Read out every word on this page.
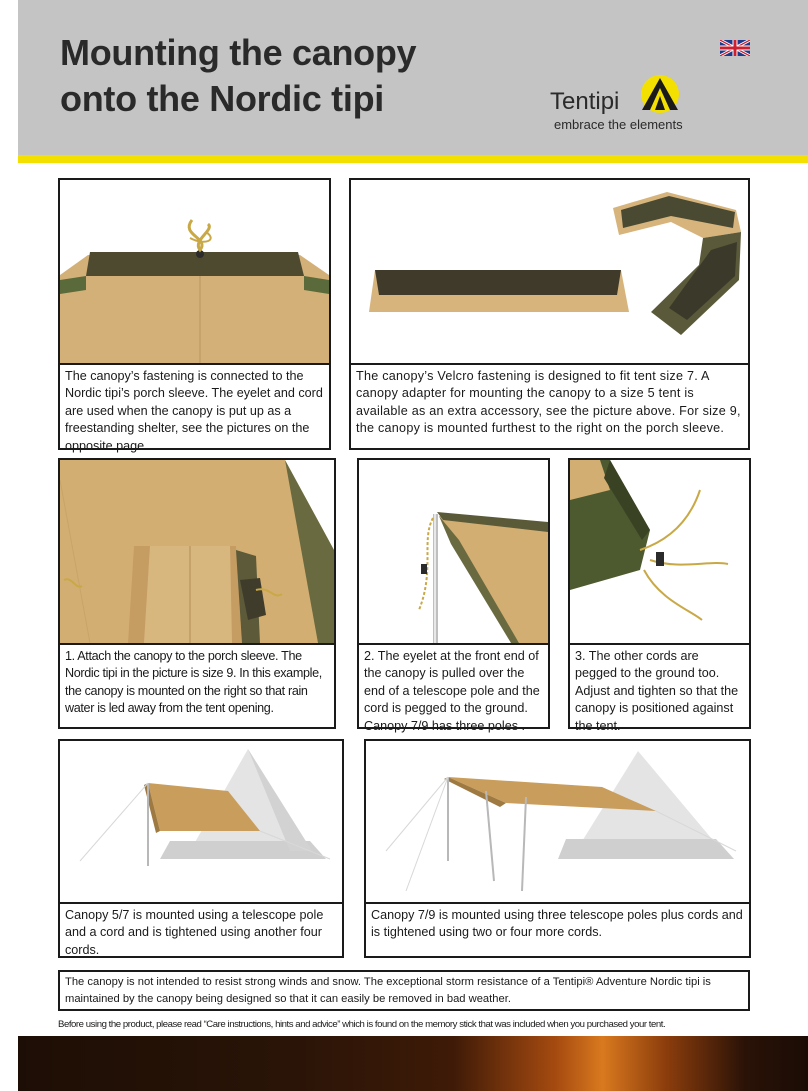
Mounting the canopy
onto the Nordic tipi	Tentipi
embrace the elements
The canopy’s fastening is connected to the Nordic tipi’s porch sleeve. The eyelet and cord are used when the canopy is put up as a freestanding shelter, see the pictures on the opposite page.
The canopy’s Velcro fastening is designed to fit tent size 7. A canopy adapter for mounting the canopy to a size 5 tent is available as an extra accessory, see the picture above. For size 9, the canopy is mounted furthest to the right on the porch sleeve.
1. Attach the canopy to the porch sleeve. The Nordic tipi in the picture is size 9. In this example, the canopy is mounted on the right so that rain water is led away from the tent opening.
2. The eyelet at the front end of the canopy is pulled over the end of a telescope pole and the cord is pegged to the ground. Canopy 7/9 has three poles .
3. The other cords are pegged to the ground too. Adjust and tighten so that the canopy is positioned against the tent.
Canopy 5/7 is mounted using a telescope pole and a cord and is tightened using another four cords.
Canopy 7/9 is mounted using three telescope poles plus cords and is tightened using two or four more cords.
The canopy is not intended to resist strong winds and snow. The exceptional storm resistance of a Tentipi® Adventure Nordic tipi is maintained by the canopy being designed so that it can easily be removed in bad weather.
Before using the product, please read “Care instructions, hints and advice” which is found on the memory stick that was included when you purchased your tent.
